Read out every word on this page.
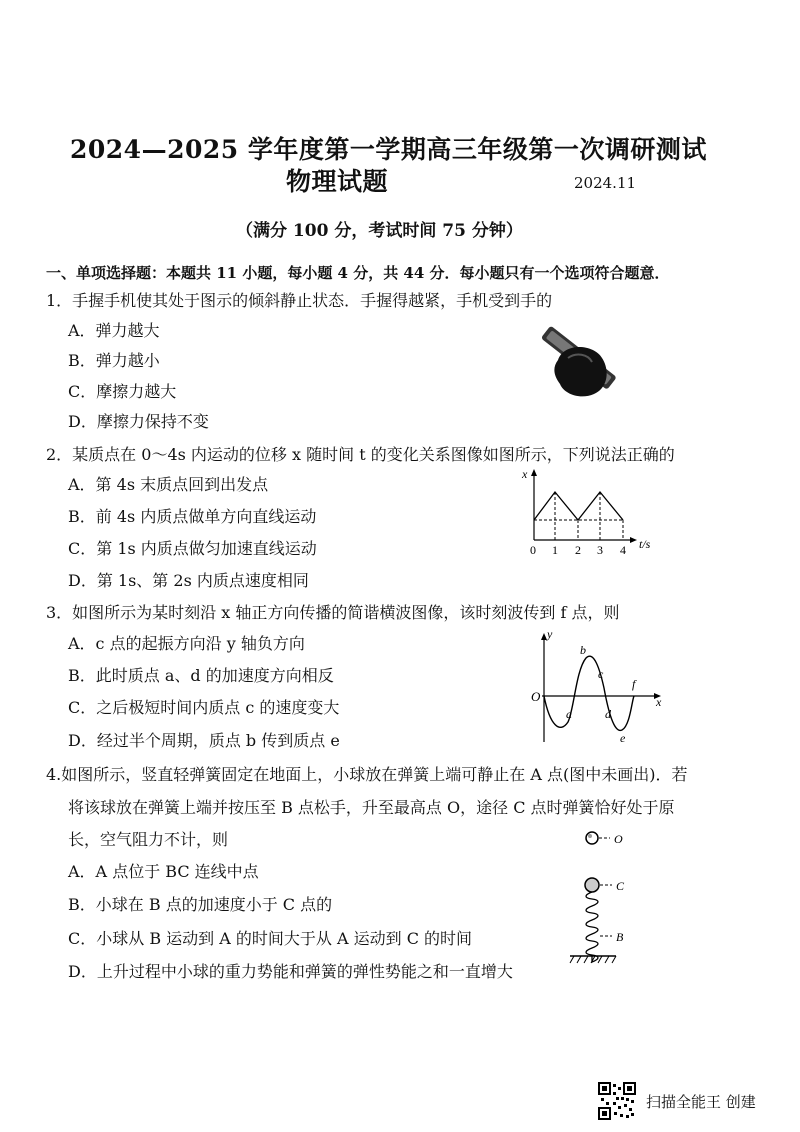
2024—2025 学年度第一学期高三年级第一次调研测试
物理试题	2024.11
（满分 100 分，考试时间 75 分钟）
一、单项选择题：本题共 11 小题，每小题 4 分，共 44 分．每小题只有一个选项符合题意．
1．手握手机使其处于图示的倾斜静止状态．手握得越紧，手机受到手的
A．弹力越大
B．弹力越小
C．摩擦力越大
D．摩擦力保持不变
2．某质点在 0～4s 内运动的位移 x 随时间 t 的变化关系图像如图所示，下列说法正确的
A．第 4s 末质点回到出发点
B．前 4s 内质点做单方向直线运动
C．第 1s 内质点做匀加速直线运动
D．第 1s、第 2s 内质点速度相同
x
t/s
0 1 2 3 4
3．如图所示为某时刻沿 x 轴正方向传播的简谐横波图像，该时刻波传到 f 点，则
A．c 点的起振方向沿 y 轴负方向
B．此时质点 a、d 的加速度方向相反
C．之后极短时间内质点 c 的速度变大
D．经过半个周期，质点 b 传到质点 e
y
x
O
a
b
c
d
e
f
4.如图所示，竖直轻弹簧固定在地面上，小球放在弹簧上端可静止在 A 点(图中未画出)．若
将该球放在弹簧上端并按压至 B 点松手，升至最高点 O，途径 C 点时弹簧恰好处于原
长，空气阻力不计，则
A．A 点位于 BC 连线中点
B．小球在 B 点的加速度小于 C 点的
C．小球从 B 运动到 A 的时间大于从 A 运动到 C 的时间
D．上升过程中小球的重力势能和弹簧的弹性势能之和一直增大
O
C
B
扫描全能王 创建
